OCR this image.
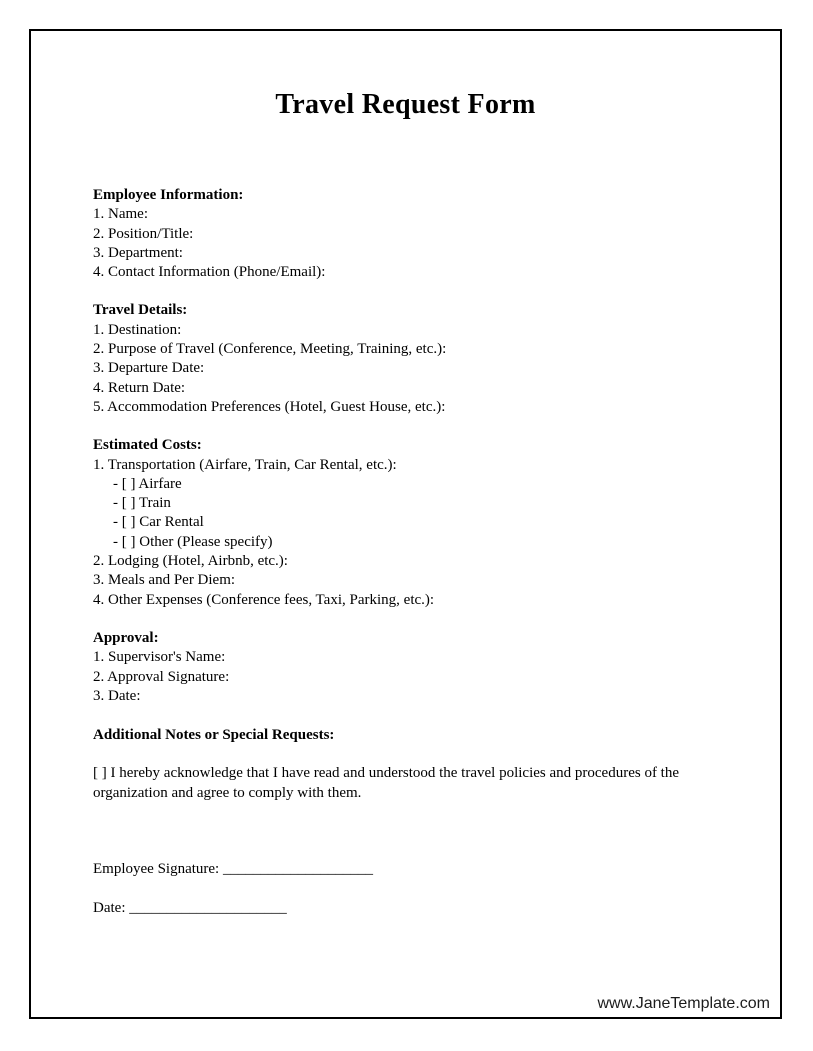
Travel Request Form
Employee Information:
1. Name:
2. Position/Title:
3. Department:
4. Contact Information (Phone/Email):
Travel Details:
1. Destination:
2. Purpose of Travel (Conference, Meeting, Training, etc.):
3. Departure Date:
4. Return Date:
5. Accommodation Preferences (Hotel, Guest House, etc.):
Estimated Costs:
1. Transportation (Airfare, Train, Car Rental, etc.):
- [ ] Airfare
- [ ] Train
- [ ] Car Rental
- [ ] Other (Please specify)
2. Lodging (Hotel, Airbnb, etc.):
3. Meals and Per Diem:
4. Other Expenses (Conference fees, Taxi, Parking, etc.):
Approval:
1. Supervisor's Name:
2. Approval Signature:
3. Date:
Additional Notes or Special Requests:

[ ] I hereby acknowledge that I have read and understood the travel policies and procedures of the organization and agree to comply with them.

Employee Signature: ____________________
Date: _____________________
www.JaneTemplate.com
